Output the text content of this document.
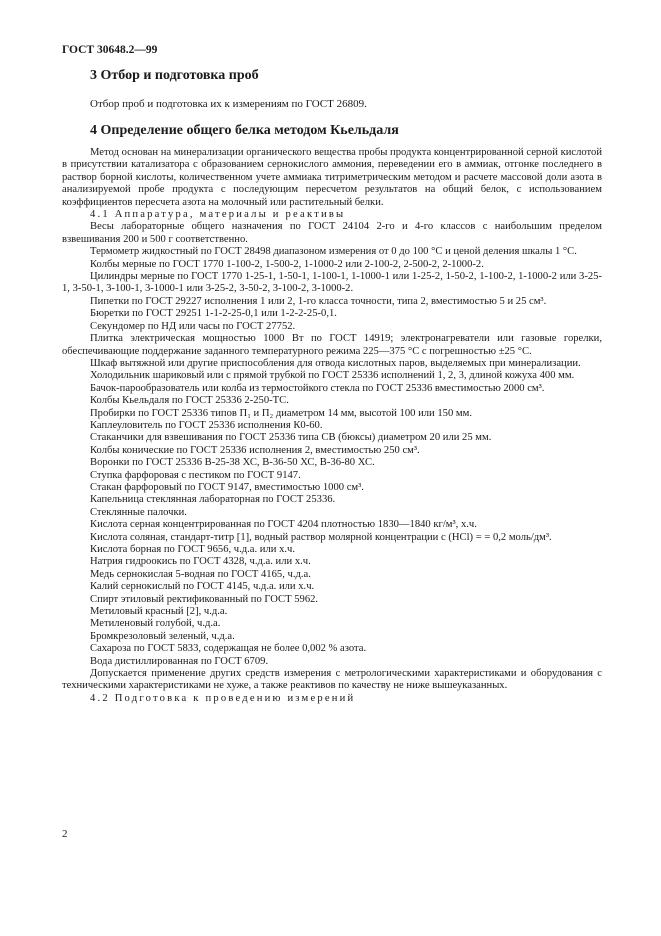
ГОСТ 30648.2—99
3 Отбор и подготовка проб
Отбор проб и подготовка их к измерениям по ГОСТ 26809.
4 Определение общего белка методом Кьельдаля

Метод основан на минерализации органического вещества пробы продукта концентрированной серной кислотой в присутствии катализатора с образованием сернокислого аммония, переведении его в аммиак, отгонке последнего в раствор борной кислоты, количественном учете аммиака титриметрическим методом и расчете массовой доли азота в анализируемой пробе продукта с последующим пересчетом результатов на общий белок, с использованием коэффициентов пересчета азота на молочный или растительный белки.

4.1 Аппаратура, материалы и реактивы

Весы лабораторные общего назначения по ГОСТ 24104 2-го и 4-го классов с наибольшим пределом взвешивания 200 и 500 г соответственно.

Термометр жидкостный по ГОСТ 28498 диапазоном измерения от 0 до 100 °С и ценой деления шкалы 1 °С.

Колбы мерные по ГОСТ 1770 1-100-2, 1-500-2, 1-1000-2 или 2-100-2, 2-500-2, 2-1000-2.

Цилиндры мерные по ГОСТ 1770 1-25-1, 1-50-1, 1-100-1, 1-1000-1 или 1-25-2, 1-50-2, 1-100-2, 1-1000-2 или 3-25-1, 3-50-1, 3-100-1, 3-1000-1 или 3-25-2, 3-50-2, 3-100-2, 3-1000-2.

Пипетки по ГОСТ 29227 исполнения 1 или 2, 1-го класса точности, типа 2, вместимостью 5 и 25 см³.

Бюретки по ГОСТ 29251 1-1-2-25-0,1 или 1-2-2-25-0,1.

Секундомер по НД или часы по ГОСТ 27752.

Плитка электрическая мощностью 1000 Вт по ГОСТ 14919; электронагреватели или газовые горелки, обеспечивающие поддержание заданного температурного режима 225—375 °С с погрешностью ±25 °С.

Шкаф вытяжной или другие приспособления для отвода кислотных паров, выделяемых при минерализации.

Холодильник шариковый или с прямой трубкой по ГОСТ 25336 исполнений 1, 2, 3, длиной кожуха 400 мм.

Бачок-парообразователь или колба из термостойкого стекла по ГОСТ 25336 вместимостью 2000 см³.

Колбы Кьельдаля по ГОСТ 25336 2-250-ТС.

Пробирки по ГОСТ 25336 типов П₁ и П₂ диаметром 14 мм, высотой 100 или 150 мм.

Каплеуловитель по ГОСТ 25336 исполнения К0-60.

Стаканчики для взвешивания по ГОСТ 25336 типа СВ (бюксы) диаметром 20 или 25 мм.

Колбы конические по ГОСТ 25336 исполнения 2, вместимостью 250 см³.

Воронки по ГОСТ 25336 В-25-38 ХС, В-36-50 ХС, В-36-80 ХС.

Ступка фарфоровая с пестиком по ГОСТ 9147.

Стакан фарфоровый по ГОСТ 9147, вместимостью 1000 см³.

Капельница стеклянная лабораторная по ГОСТ 25336.

Стеклянные палочки.

Кислота серная концентрированная по ГОСТ 4204 плотностью 1830—1840 кг/м³, х.ч.

Кислота соляная, стандарт-титр [1], водный раствор молярной концентрации c (HCl) = = 0,2 моль/дм³.

Кислота борная по ГОСТ 9656, ч.д.а. или х.ч.

Натрия гидроокись по ГОСТ 4328, ч.д.а. или х.ч.

Медь сернокислая 5-водная по ГОСТ 4165, ч.д.а.

Калий сернокислый по ГОСТ 4145, ч.д.а. или х.ч.

Спирт этиловый ректификованный по ГОСТ 5962.

Метиловый красный [2], ч.д.а.

Метиленовый голубой, ч.д.а.

Бромкрезоловый зеленый, ч.д.а.

Сахароза по ГОСТ 5833, содержащая не более 0,002 % азота.

Вода дистиллированная по ГОСТ 6709.

Допускается применение других средств измерения с метрологическими характеристиками и оборудования с техническими характеристиками не хуже, а также реактивов по качеству не ниже вышеуказанных.

4.2 Подготовка к проведению измерений

2
